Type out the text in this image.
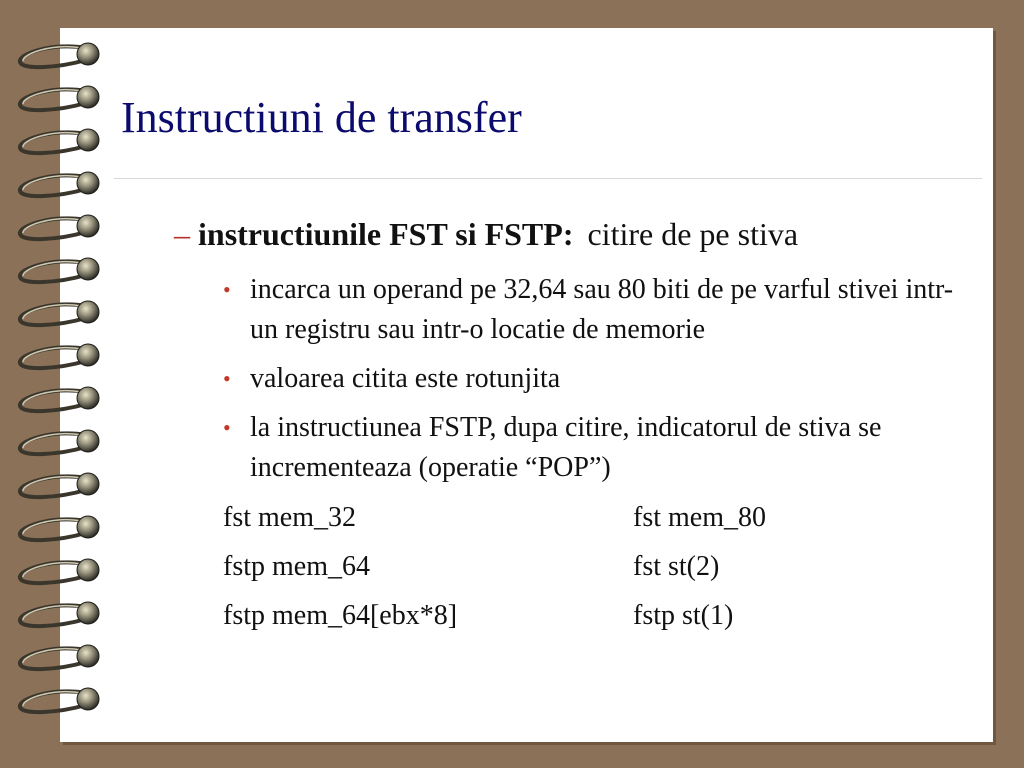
Instructiuni de transfer
– instructiunile FST si FSTP: citire de pe stiva
• incarca un operand pe 32,64 sau 80 biti de pe varful stivei intr-un registru sau intr-o locatie de memorie
• valoarea citita este rotunjita
• la instructiunea FSTP, dupa citire, indicatorul de stiva se incrementeaza (operatie “POP”)
fst mem_32	fst mem_80
fstp mem_64	fst st(2)
fstp mem_64[ebx*8]	fstp st(1)
